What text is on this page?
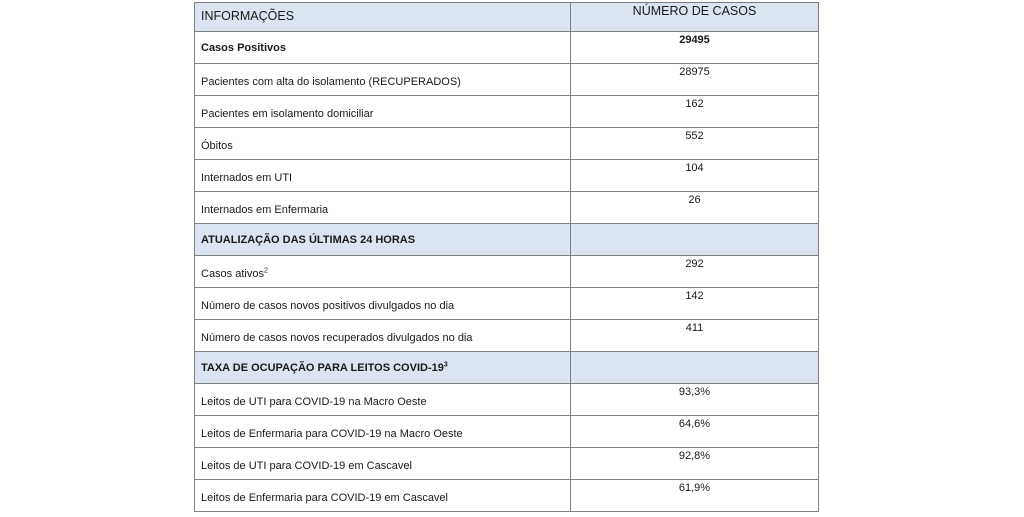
INFORMAÇÕES	NÚMERO DE CASOS
Casos Positivos	29495
Pacientes com alta do isolamento (RECUPERADOS)	28975
Pacientes em isolamento domiciliar	162
Óbitos	552
Internados em UTI	104
Internados em Enfermaria	26
ATUALIZAÇÃO DAS ÚLTIMAS 24 HORAS	
Casos ativos$^2$	292
Número de casos novos positivos divulgados no dia	142
Número de casos novos recuperados divulgados no dia	411
TAXA DE OCUPAÇÃO PARA LEITOS COVID-$19^3$	
Leitos de UTI para COVID-19 na Macro Oeste	93,3%
Leitos de Enfermaria para COVID-19 na Macro Oeste	64,6%
Leitos de UTI para COVID-19 em Cascavel	92,8%
Leitos de Enfermaria para COVID-19 em Cascavel	61,9%
